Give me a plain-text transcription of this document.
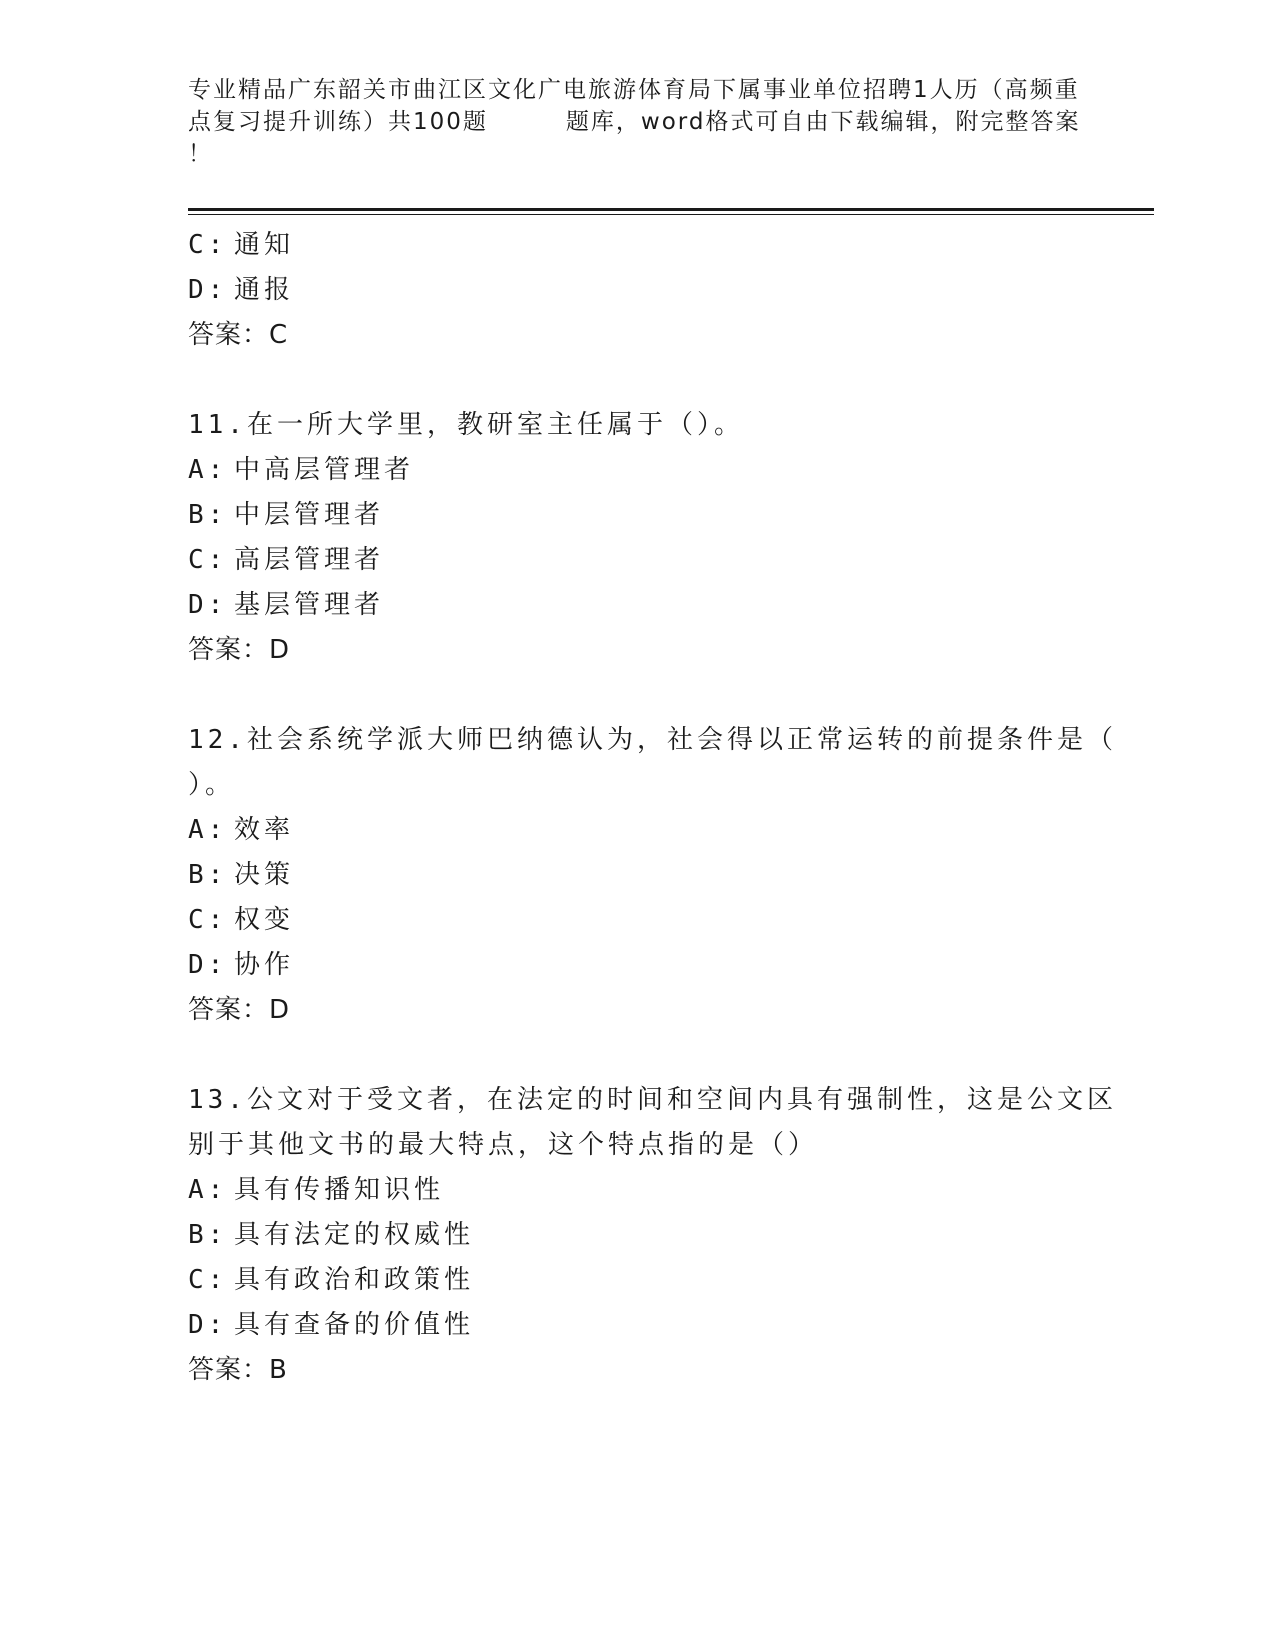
专业精品广东韶关市曲江区文化广电旅游体育局下属事业单位招聘1人历（高频重
点复习提升训练）共100题	题库，word格式可自由下载编辑，附完整答案
！
C: 通知
D: 通报
答案：C
11.在一所大学里，教研室主任属于（）。
A: 中高层管理者
B: 中层管理者
C: 高层管理者
D: 基层管理者
答案：D
12.社会系统学派大师巴纳德认为，社会得以正常运转的前提条件是（
）。
A: 效率
B: 决策
C: 权变
D: 协作
答案：D
13.公文对于受文者，在法定的时间和空间内具有强制性，这是公文区
别于其他文书的最大特点，这个特点指的是（）
A: 具有传播知识性
B: 具有法定的权威性
C: 具有政治和政策性
D: 具有查备的价值性
答案：B
